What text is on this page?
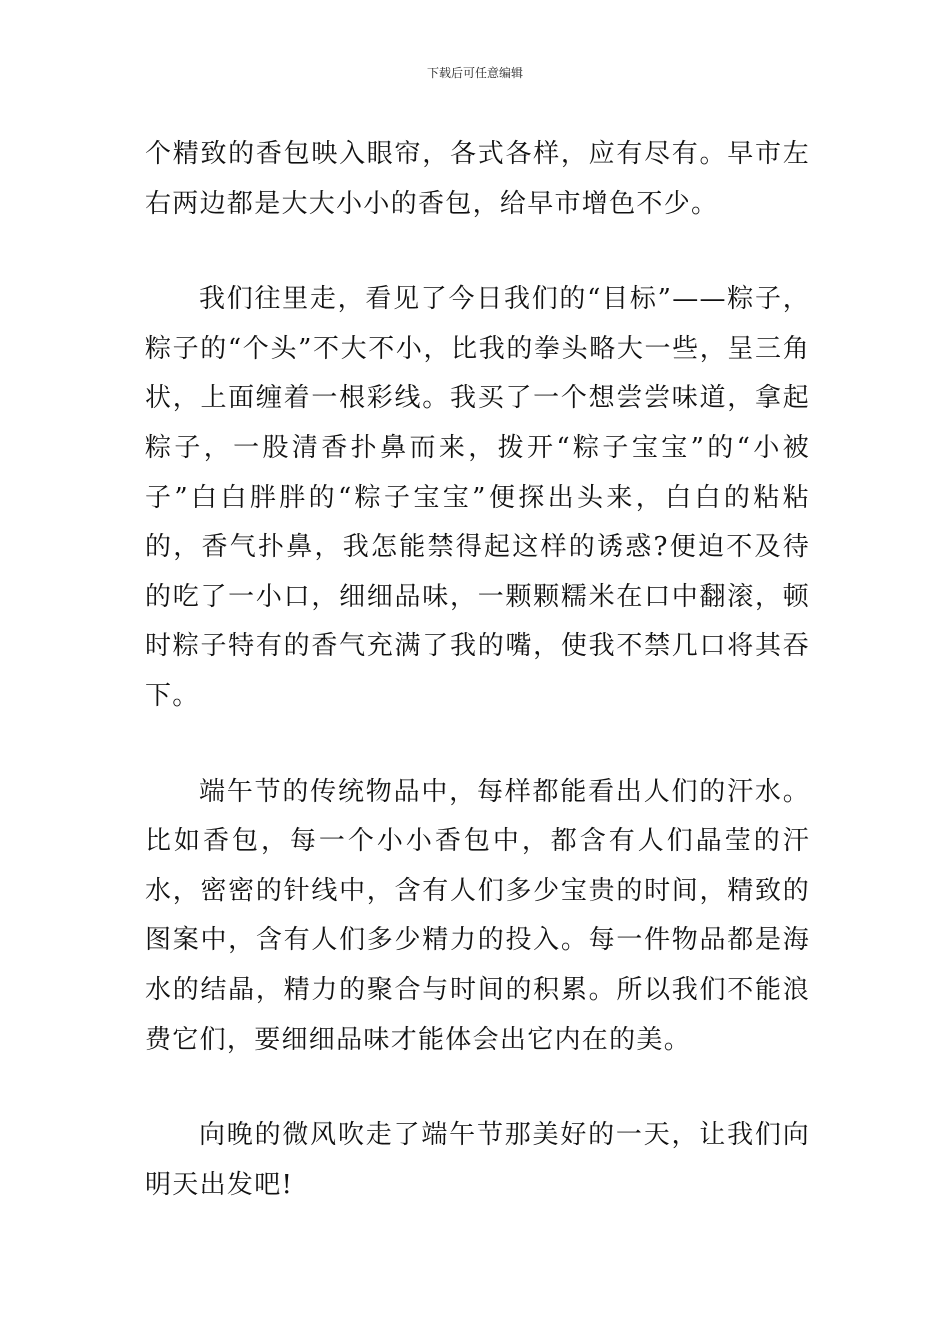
下载后可任意编辑

个精致的香包映入眼帘，各式各样，应有尽有。早市左右两边都是大大小小的香包，给早市增色不少。

我们往里走，看见了今日我们的“目标”——粽子，粽子的“个头”不大不小，比我的拳头略大一些，呈三角状，上面缠着一根彩线。我买了一个想尝尝味道，拿起粽子，一股清香扑鼻而来，拨开“粽子宝宝”的“小被子”白白胖胖的“粽子宝宝”便探出头来，白白的粘粘的，香气扑鼻，我怎能禁得起这样的诱惑?便迫不及待的吃了一小口，细细品味，一颗颗糯米在口中翻滚，顿时粽子特有的香气充满了我的嘴，使我不禁几口将其吞下。

端午节的传统物品中，每样都能看出人们的汗水。比如香包，每一个小小香包中，都含有人们晶莹的汗水，密密的针线中，含有人们多少宝贵的时间，精致的图案中，含有人们多少精力的投入。每一件物品都是海水的结晶，精力的聚合与时间的积累。所以我们不能浪费它们，要细细品味才能体会出它内在的美。

向晚的微风吹走了端午节那美好的一天，让我们向明天出发吧!
